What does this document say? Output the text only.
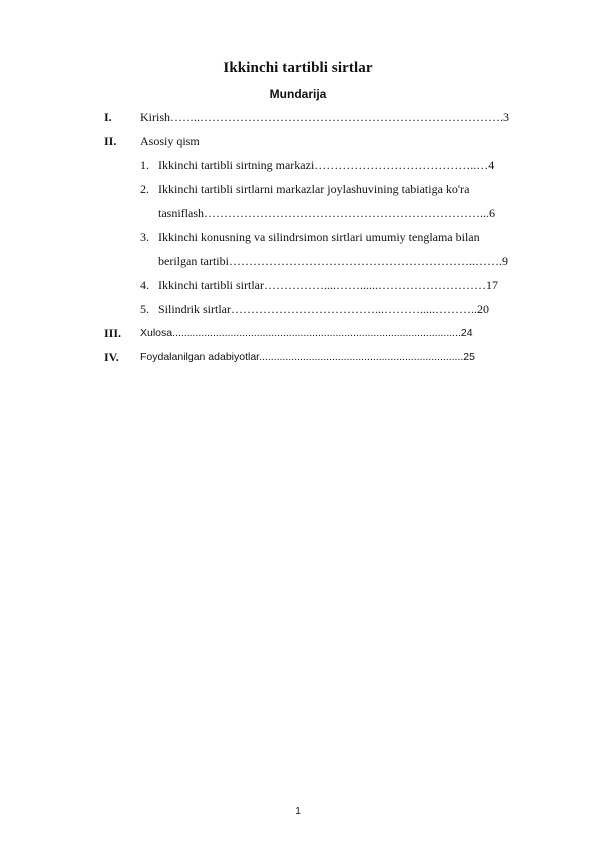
Ikkinchi tartibli sirtlar
Mundarija
I. Kirish……..………………………………………………………………….3
II. Asosiy qism
1. Ikkinchi tartibli sirtning markazi…………………………………..…4
2. Ikkinchi tartibli sirtlarni markazlar joylashuvining tabiatiga ko'ra
tasniflash……………………………………………………………...6
3. Ikkinchi konusning va silindrsimon sirtlari umumiy tenglama bilan
berilgan tartibi……………………………………………………..…….9
4. Ikkinchi tartibli sirtlar……………....……......………………………17
5. Silindrik sirtlar………………………………...……….....………..20
III. Xulosa...................................................................................................24
IV. Foydalanilgan adabiyotlar......................................................................25
1
